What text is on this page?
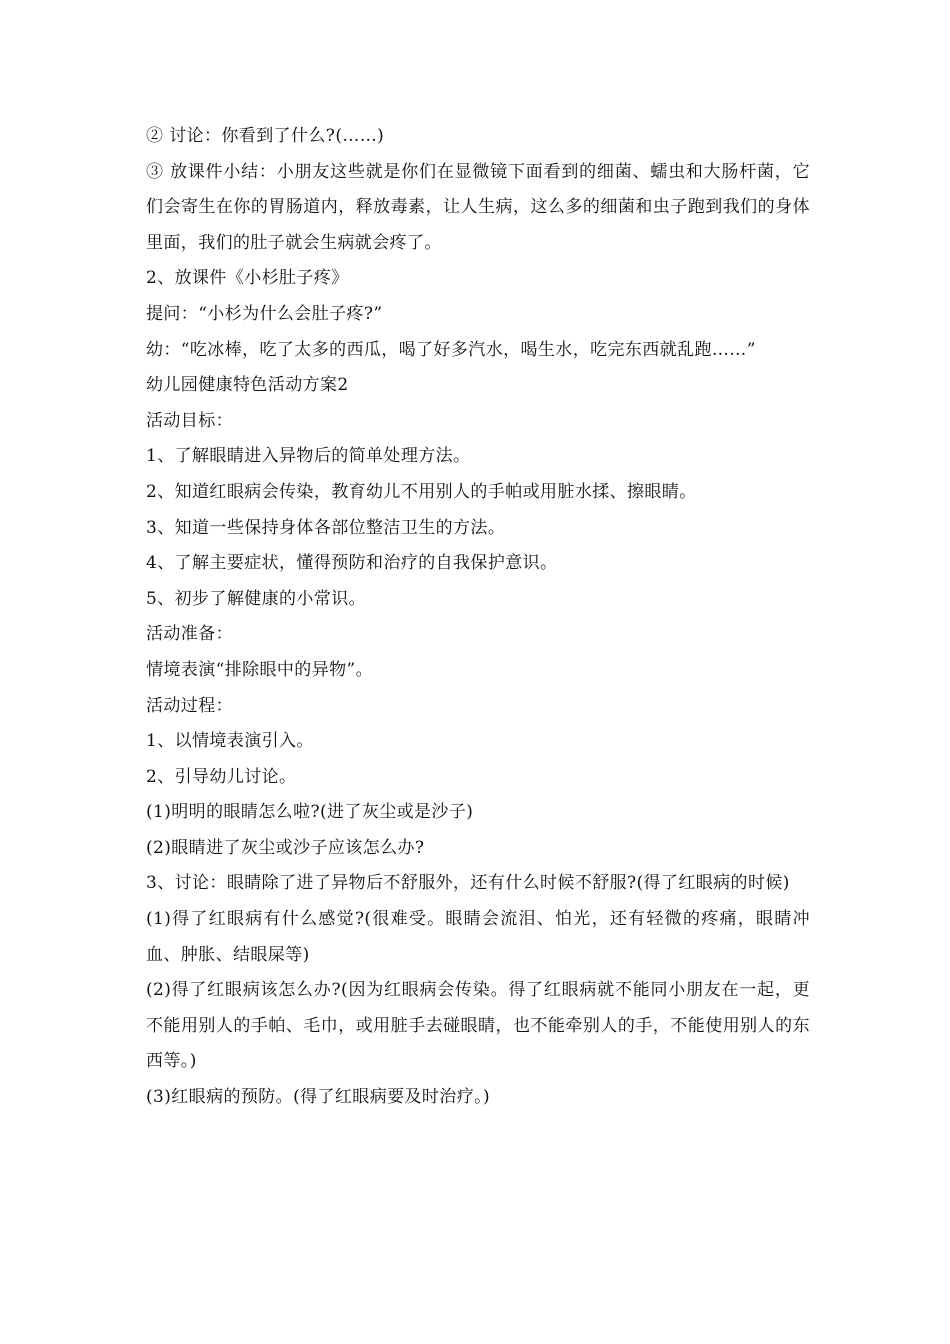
② 讨论：你看到了什么?(……)

③ 放课件小结：小朋友这些就是你们在显微镜下面看到的细菌、蠕虫和大肠杆菌，它们会寄生在你的胃肠道内，释放毒素，让人生病，这么多的细菌和虫子跑到我们的身体里面，我们的肚子就会生病就会疼了。

2、放课件《小杉肚子疼》

提问：“小杉为什么会肚子疼?”

幼：“吃冰棒，吃了太多的西瓜，喝了好多汽水，喝生水，吃完东西就乱跑……”

幼儿园健康特色活动方案2

活动目标：

1、了解眼睛进入异物后的简单处理方法。

2、知道红眼病会传染，教育幼儿不用别人的手帕或用脏水揉、擦眼睛。

3、知道一些保持身体各部位整洁卫生的方法。

4、了解主要症状，懂得预防和治疗的自我保护意识。

5、初步了解健康的小常识。

活动准备：

情境表演“排除眼中的异物”。

活动过程：

1、以情境表演引入。

2、引导幼儿讨论。

(1)明明的眼睛怎么啦?(进了灰尘或是沙子)

(2)眼睛进了灰尘或沙子应该怎么办?

3、讨论：眼睛除了进了异物后不舒服外，还有什么时候不舒服?(得了红眼病的时候)

(1)得了红眼病有什么感觉?(很难受。眼睛会流泪、怕光，还有轻微的疼痛，眼睛冲血、肿胀、结眼屎等)

(2)得了红眼病该怎么办?(因为红眼病会传染。得了红眼病就不能同小朋友在一起，更不能用别人的手帕、毛巾，或用脏手去碰眼睛，也不能牵别人的手，不能使用别人的东西等。)

(3)红眼病的预防。(得了红眼病要及时治疗。)
